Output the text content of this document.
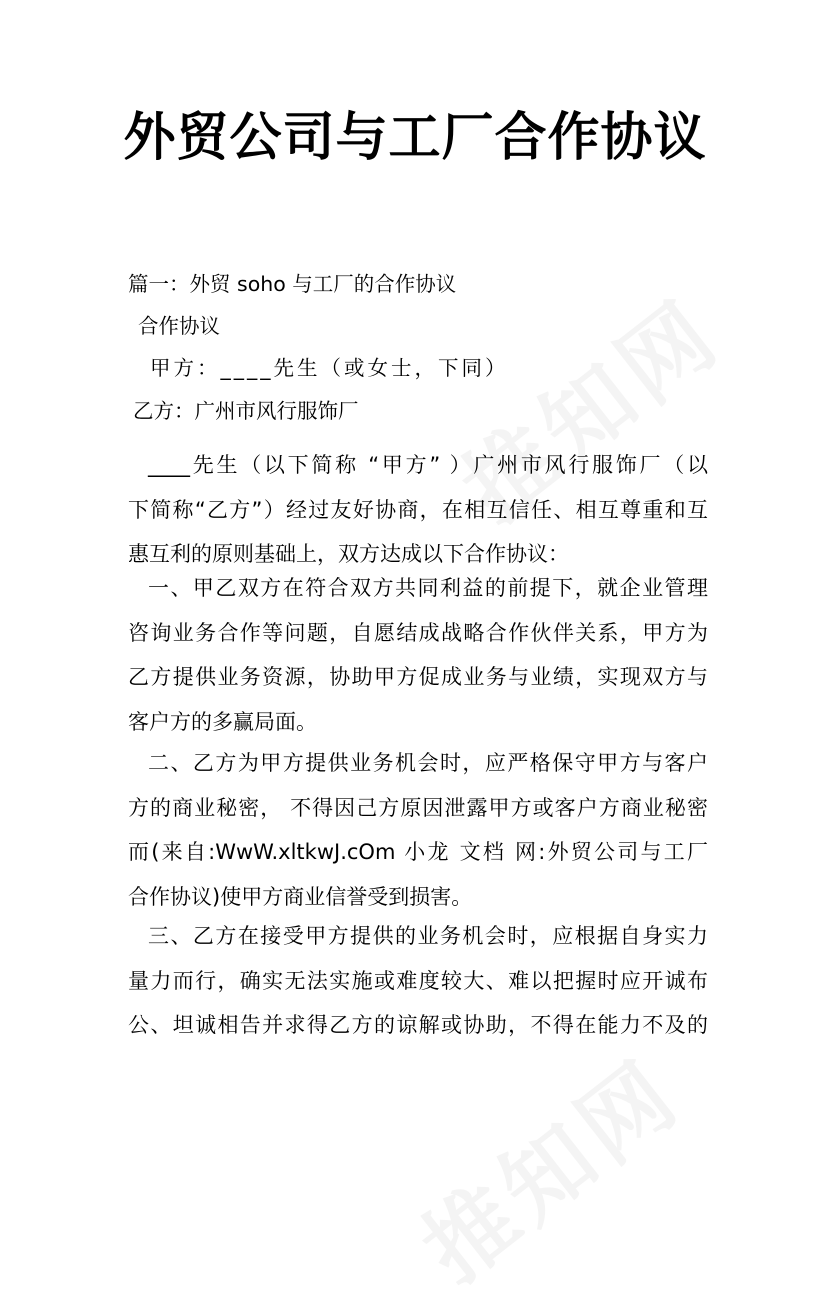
外贸公司与工厂合作协议
篇一：外贸 soho 与工厂的合作协议
合作协议
甲方：____先生（或女士，下同）
乙方：广州市风行服饰厂
____先生（以下简称 “甲方” ）广州市风行服饰厂（以
下简称“乙方”）经过友好协商，在相互信任、相互尊重和互
惠互利的原则基础上，双方达成以下合作协议：
一、甲乙双方在符合双方共同利益的前提下，就企业管理
咨询业务合作等问题，自愿结成战略合作伙伴关系，甲方为
乙方提供业务资源，协助甲方促成业务与业绩，实现双方与
客户方的多赢局面。
二、乙方为甲方提供业务机会时，应严格保守甲方与客户
方的商业秘密， 不得因己方原因泄露甲方或客户方商业秘密
而(来自:WwW.xltkwJ.cOm 小龙 文档 网:外贸公司与工厂
合作协议)使甲方商业信誉受到损害。
三、乙方在接受甲方提供的业务机会时，应根据自身实力
量力而行，确实无法实施或难度较大、难以把握时应开诚布
公、坦诚相告并求得乙方的谅解或协助，不得在能力不及的
